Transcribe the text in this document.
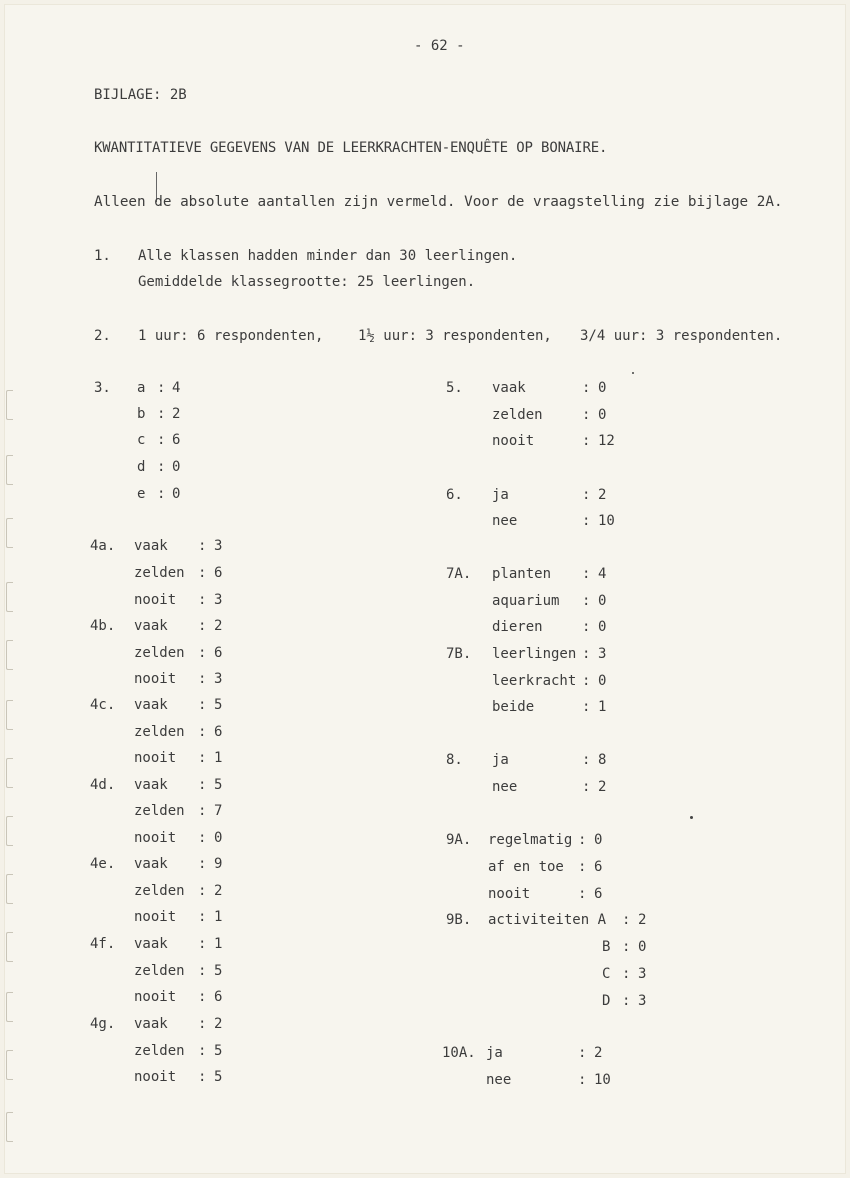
- 62 -
BIJLAGE: 2B
KWANTITATIEVE GEGEVENS VAN DE LEERKRACHTEN-ENQUÊTE OP BONAIRE.
Alleen de absolute aantallen zijn vermeld. Voor de vraagstelling zie bijlage 2A.
1. Alle klassen hadden minder dan 30 leerlingen.
Gemiddelde klassegrootte: 25 leerlingen.
2. 1 uur: 6 respondenten, 1½ uur: 3 respondenten, 3/4 uur: 3 respondenten.
3. a : 4
b : 2
c : 6
d : 0
e : 0
4a. vaak : 3
zelden : 6
nooit : 3
4b. vaak : 2
zelden : 6
nooit : 3
4c. vaak : 5
zelden : 6
nooit : 1
4d. vaak : 5
zelden : 7
nooit : 0
4e. vaak : 9
zelden : 2
nooit : 1
4f. vaak : 1
zelden : 5
nooit : 6
4g. vaak : 2
zelden : 5
nooit : 5
5. vaak	: 0
zelden	: 0
nooit	: 12
6. ja	: 2
nee	: 10
7A. planten : 4
aquarium : 0
dieren	: 0
7B. leerlingen : 3
leerkracht : 0
beide	: 1
8. ja	: 8
nee	: 2
9A. regelmatig : 0
af en toe : 6
nooit	: 6
9B. activiteiten A : 2
B : 0
C : 3
D : 3
10A. ja	: 2
nee	: 10
